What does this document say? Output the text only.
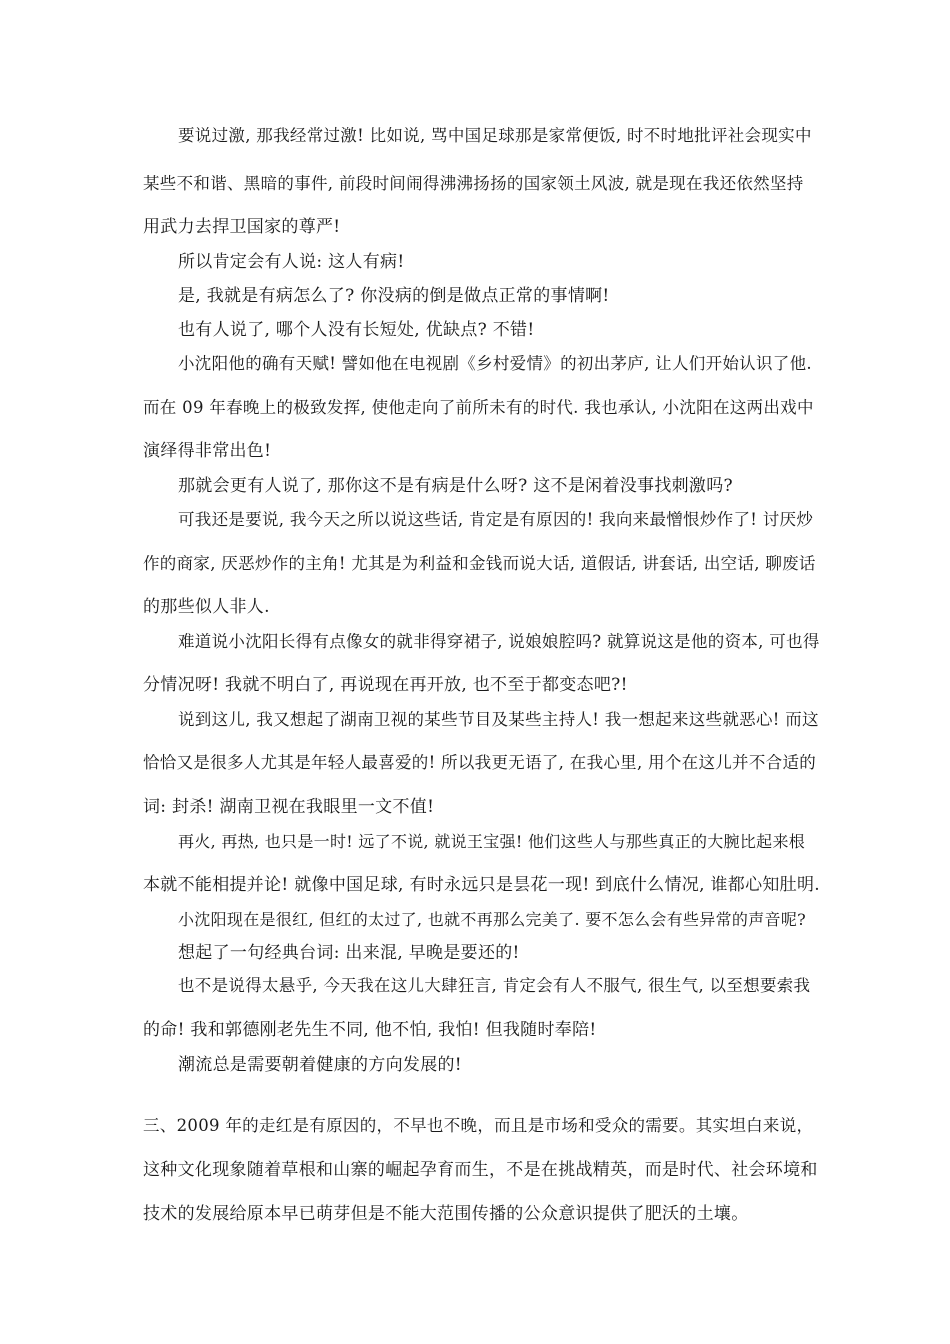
要说过激, 那我经常过激! 比如说, 骂中国足球那是家常便饭, 时不时地批评社会现实中
某些不和谐、黑暗的事件, 前段时间闹得沸沸扬扬的国家领土风波, 就是现在我还依然坚持
用武力去捍卫国家的尊严!
所以肯定会有人说: 这人有病!
是, 我就是有病怎么了? 你没病的倒是做点正常的事情啊!
也有人说了, 哪个人没有长短处, 优缺点? 不错!
小沈阳他的确有天赋! 譬如他在电视剧《乡村爱情》的初出茅庐, 让人们开始认识了他.
而在 09 年春晚上的极致发挥, 使他走向了前所未有的时代. 我也承认, 小沈阳在这两出戏中
演绎得非常出色!
那就会更有人说了, 那你这不是有病是什么呀? 这不是闲着没事找刺激吗?
可我还是要说, 我今天之所以说这些话, 肯定是有原因的! 我向来最憎恨炒作了! 讨厌炒
作的商家, 厌恶炒作的主角! 尤其是为利益和金钱而说大话, 道假话, 讲套话, 出空话, 聊废话
的那些似人非人.
难道说小沈阳长得有点像女的就非得穿裙子, 说娘娘腔吗? 就算说这是他的资本, 可也得
分情况呀! 我就不明白了, 再说现在再开放, 也不至于都变态吧?!
说到这儿, 我又想起了湖南卫视的某些节目及某些主持人! 我一想起来这些就恶心! 而这
恰恰又是很多人尤其是年轻人最喜爱的! 所以我更无语了, 在我心里, 用个在这儿并不合适的
词: 封杀! 湖南卫视在我眼里一文不值!
再火, 再热, 也只是一时! 远了不说, 就说王宝强! 他们这些人与那些真正的大腕比起来根
本就不能相提并论! 就像中国足球, 有时永远只是昙花一现! 到底什么情况, 谁都心知肚明.
小沈阳现在是很红, 但红的太过了, 也就不再那么完美了. 要不怎么会有些异常的声音呢?
想起了一句经典台词: 出来混, 早晚是要还的!
也不是说得太悬乎, 今天我在这儿大肆狂言, 肯定会有人不服气, 很生气, 以至想要索我
的命! 我和郭德刚老先生不同, 他不怕, 我怕! 但我随时奉陪!
潮流总是需要朝着健康的方向发展的!
三、2009 年的走红是有原因的，不早也不晚，而且是市场和受众的需要。其实坦白来说，
这种文化现象随着草根和山寨的崛起孕育而生，不是在挑战精英，而是时代、社会环境和
技术的发展给原本早已萌芽但是不能大范围传播的公众意识提供了肥沃的土壤。
